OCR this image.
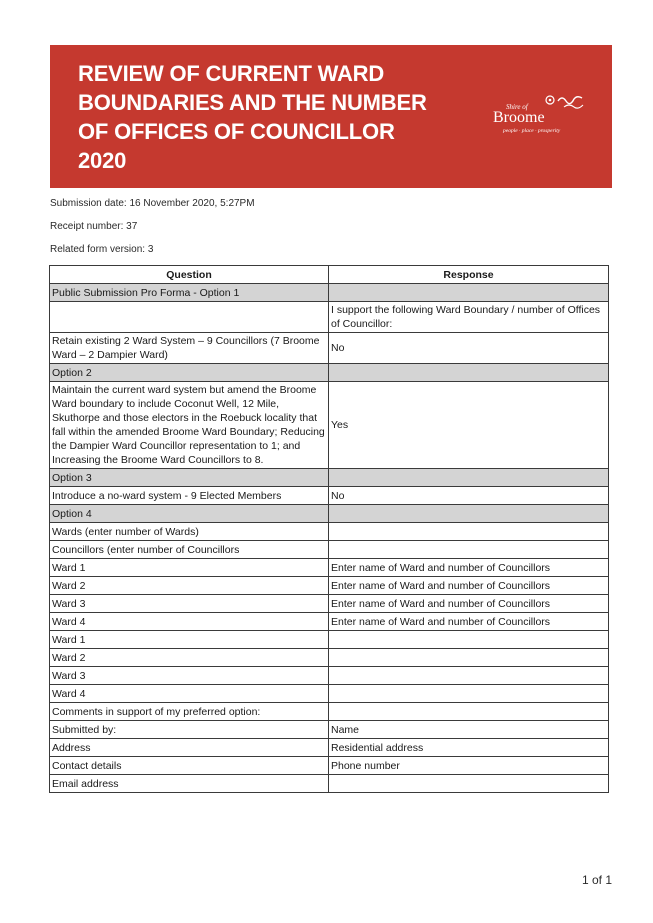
REVIEW OF CURRENT WARD
BOUNDARIES AND THE NUMBER
OF OFFICES OF COUNCILLOR
2020
Shire of
Broome
people · place · prosperity
Submission date: 16 November 2020, 5:27PM
Receipt number: 37
Related form version: 3
Question	Response
Public Submission Pro Forma - Option 1	
	I support the following Ward Boundary / number of Offices of Councillor:
Retain existing 2 Ward System – 9 Councillors (7 Broome Ward – 2 Dampier Ward)	No
Option 2	
Maintain the current ward system but amend the Broome Ward boundary to include Coconut Well, 12 Mile, Skuthorpe and those electors in the Roebuck locality that fall within the amended Broome Ward Boundary; Reducing the Dampier Ward Councillor representation to 1; and Increasing the Broome Ward Councillors to 8.	Yes
Option 3	
Introduce a no-ward system - 9 Elected Members	No
Option 4	
Wards (enter number of Wards)	
Councillors (enter number of Councillors	
Ward 1	Enter name of Ward and number of Councillors
Ward 2	Enter name of Ward and number of Councillors
Ward 3	Enter name of Ward and number of Councillors
Ward 4	Enter name of Ward and number of Councillors
Ward 1	
Ward 2	
Ward 3	
Ward 4	
Comments in support of my preferred option:	
Submitted by:	Name
Address	Residential address
Contact details	Phone number
Email address	
1 of 1
